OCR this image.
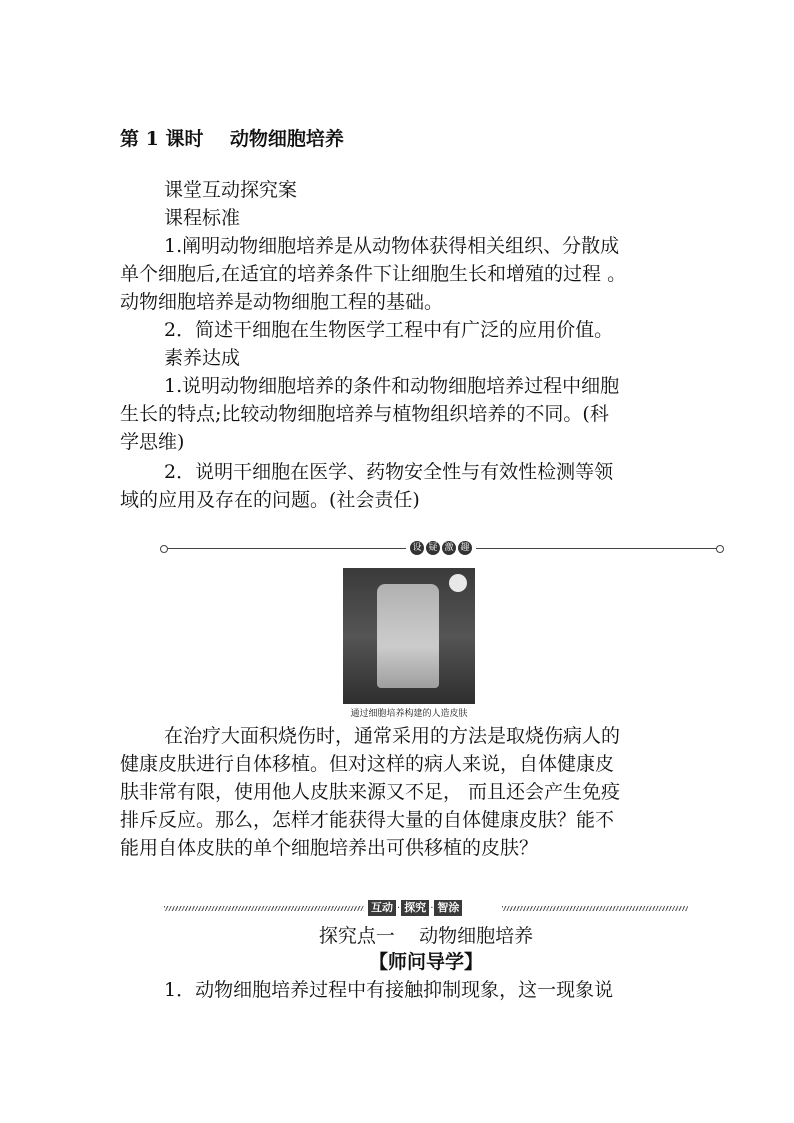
第 1 课时    动物细胞培养
课堂互动探究案
课程标准
1.阐明动物细胞培养是从动物体获得相关组织、分散成
单个细胞后,在适宜的培养条件下让细胞生长和增殖的过程 。
动物细胞培养是动物细胞工程的基础。
2．简述干细胞在生物医学工程中有广泛的应用价值。
素养达成
1.说明动物细胞培养的条件和动物细胞培养过程中细胞
生长的特点;比较动物细胞培养与植物组织培养的不同。(科
学思维)
2．说明干细胞在医学、药物安全性与有效性检测等领
域的应用及存在的问题。(社会责任)
设 疑 激 趣
通过细胞培养构建的人造皮肤
在治疗大面积烧伤时，通常采用的方法是取烧伤病人的
健康皮肤进行自体移植。但对这样的病人来说，自体健康皮
肤非常有限，使用他人皮肤来源又不足， 而且还会产生免疫
排斥反应。那么，怎样才能获得大量的自体健康皮肤？能不
能用自体皮肤的单个细胞培养出可供移植的皮肤？
互动 · 探究 · 智涂
探究点一    动物细胞培养
【师问导学】
1．动物细胞培养过程中有接触抑制现象，这一现象说
